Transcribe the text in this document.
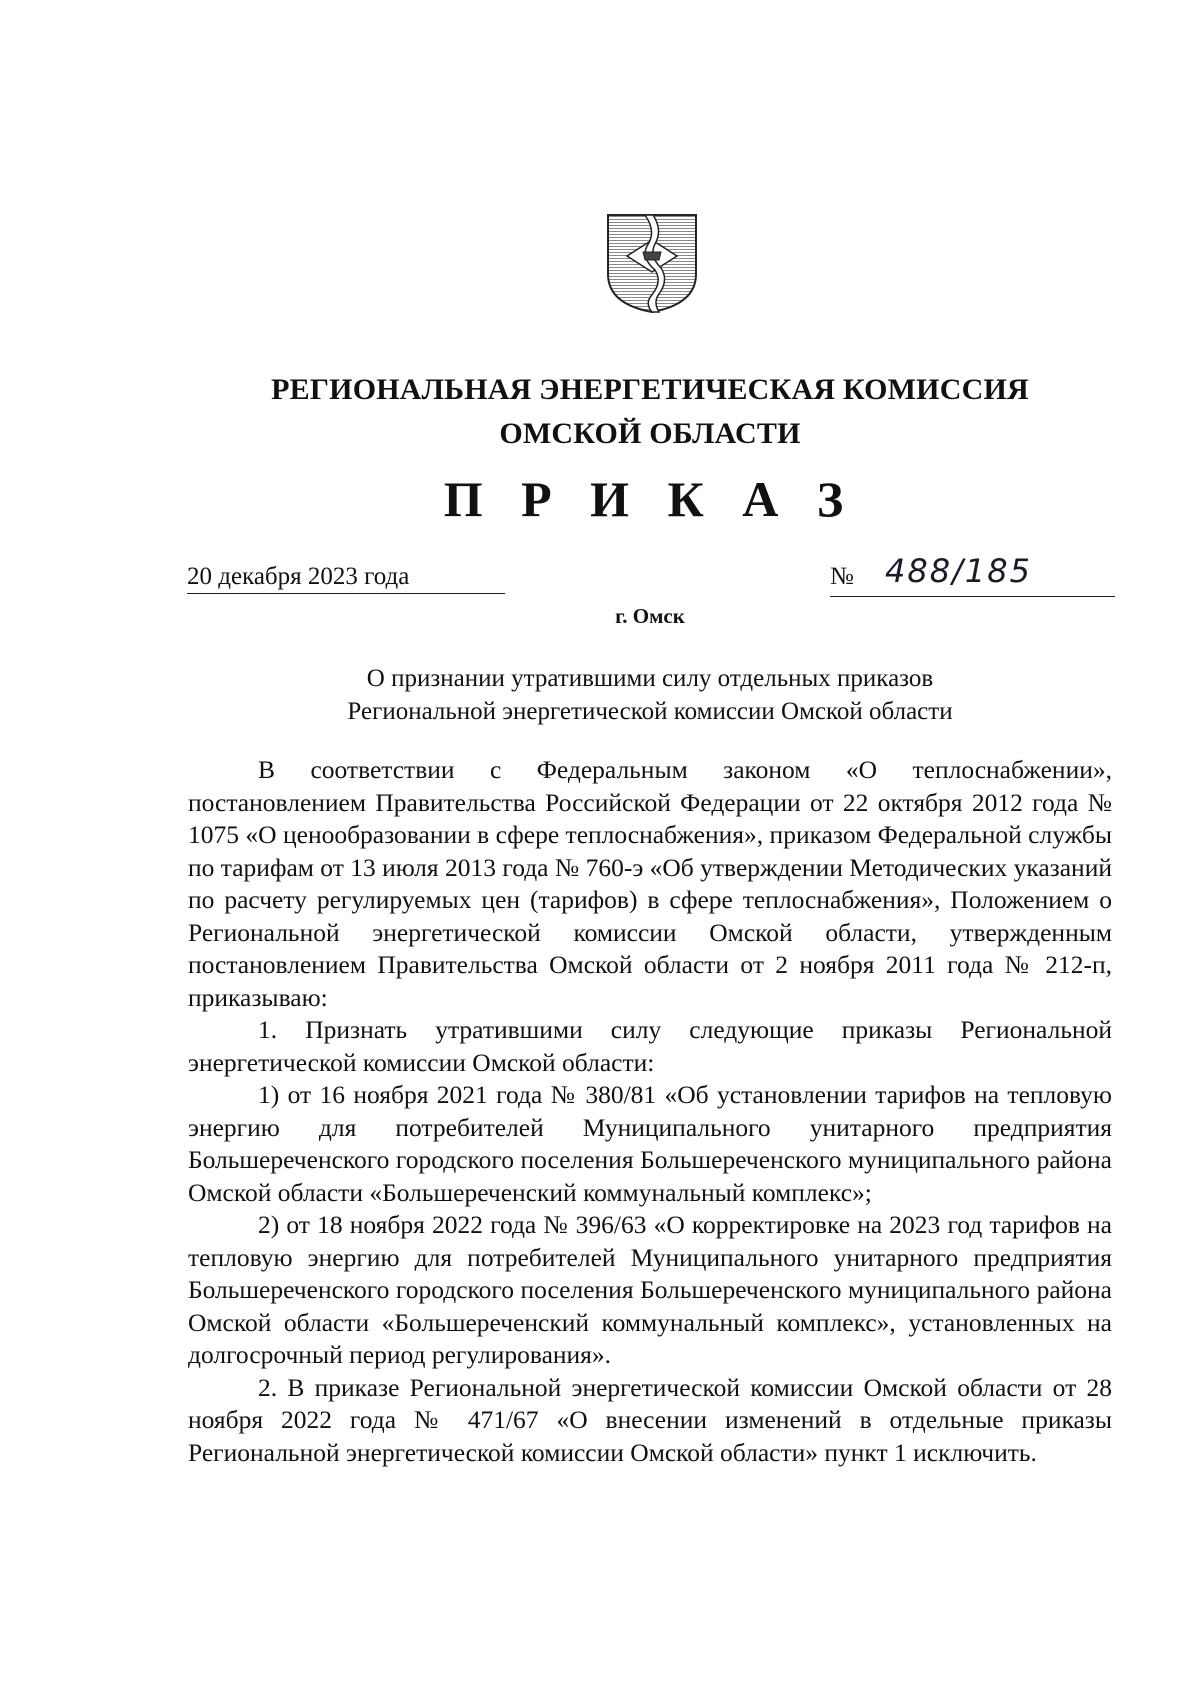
РЕГИОНАЛЬНАЯ ЭНЕРГЕТИЧЕСКАЯ КОМИССИЯ
ОМСКОЙ ОБЛАСТИ
П Р И К А З
20 декабря 2023 года	№ 488/185
г. Омск
О признании утратившими силу отдельных приказов
Региональной энергетической комиссии Омской области

В соответствии с Федеральным законом «О теплоснабжении», постановлением Правительства Российской Федерации от 22 октября 2012 года № 1075 «О ценообразовании в сфере теплоснабжения», приказом Федеральной службы по тарифам от 13 июля 2013 года № 760-э «Об утверждении Методических указаний по расчету регулируемых цен (тарифов) в сфере теплоснабжения», Положением о Региональной энергетической комиссии Омской области, утвержденным постановлением Правительства Омской области от 2 ноября 2011 года № 212-п, приказываю:

1. Признать утратившими силу следующие приказы Региональной энергетической комиссии Омской области:

1) от 16 ноября 2021 года № 380/81 «Об установлении тарифов на тепловую энергию для потребителей Муниципального унитарного предприятия Большереченского городского поселения Большереченского муниципального района Омской области «Большереченский коммунальный комплекс»;

2) от 18 ноября 2022 года № 396/63 «О корректировке на 2023 год тарифов на тепловую энергию для потребителей Муниципального унитарного предприятия Большереченского городского поселения Большереченского муниципального района Омской области «Большереченский коммунальный комплекс», установленных на долгосрочный период регулирования».

2. В приказе Региональной энергетической комиссии Омской области от 28 ноября 2022 года № 471/67 «О внесении изменений в отдельные приказы Региональной энергетической комиссии Омской области» пункт 1 исключить.
